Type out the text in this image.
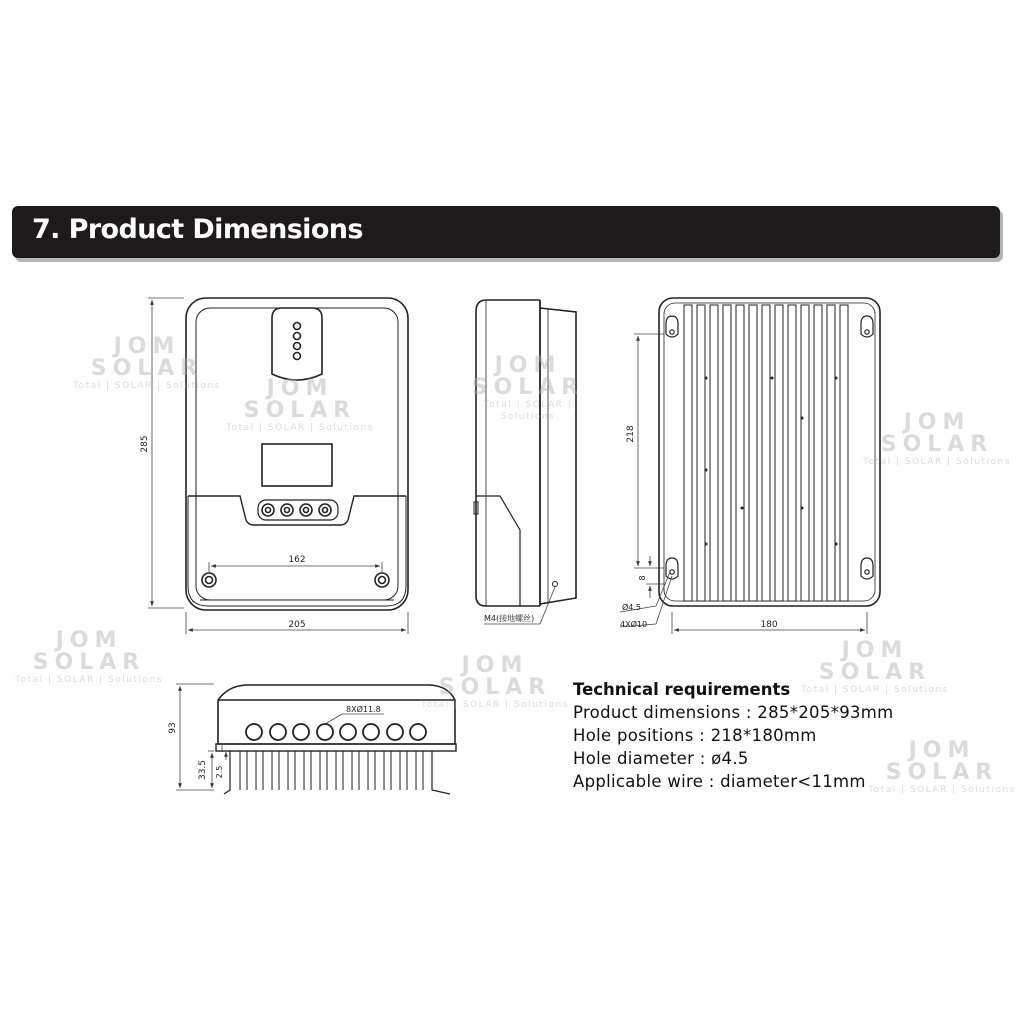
7. Product Dimensions
285
205
162
M4(接地螺丝)
218
8
Ø4.5
4XØ10	180
93
33.5 2.5
8XØ11.8
Technical requirements
Product dimensions : 285*205*93mm
Hole positions : 218*180mm
Hole diameter : ø4.5
Applicable wire : diameter<11mm
JOM
SOLAR
Total | SOLAR | Solutions	JOM
SOLAR
Total | SOLAR | Solutions
JOM
SOLAR
Total | SOLAR | Solutions	JOM
SOLAR
Total | SOLAR | Solutions
JOM
SOLAR
Total | SOLAR | Solutions
JOM
SOLAR
Total | SOLAR | Solutions
JOM
SOLAR
Total | SOLAR | Solutions
JOM
SOLAR
Total | SOLAR | Solutions
